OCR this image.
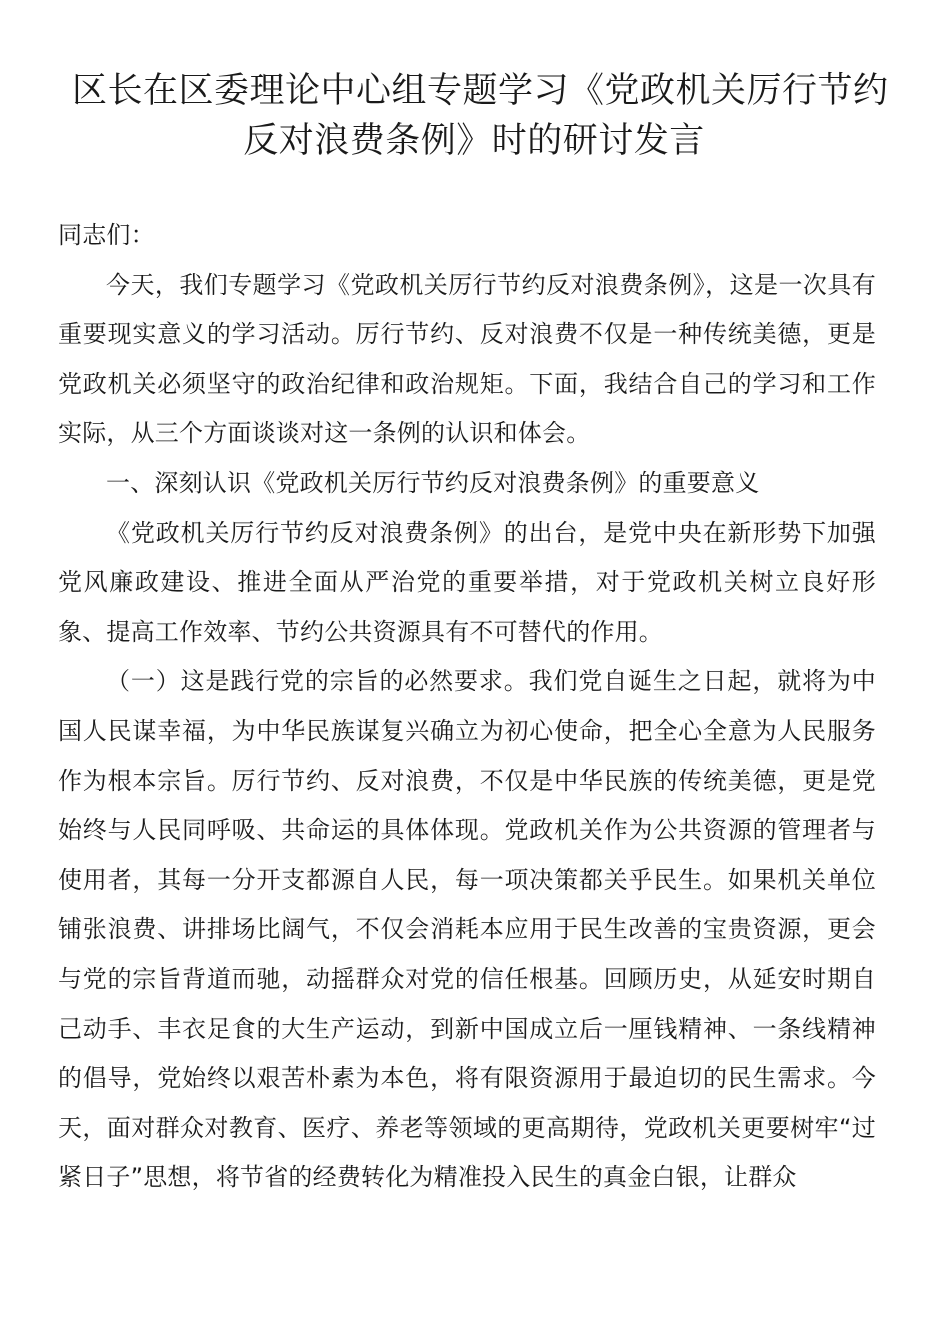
区长在区委理论中心组专题学习《党政机关厉行节约
反对浪费条例》时的研讨发言

同志们：

今天，我们专题学习《党政机关厉行节约反对浪费条例》，这是一次具有重要现实意义的学习活动。厉行节约、反对浪费不仅是一种传统美德，更是党政机关必须坚守的政治纪律和政治规矩。下面，我结合自己的学习和工作实际，从三个方面谈谈对这一条例的认识和体会。

一、深刻认识《党政机关厉行节约反对浪费条例》的重要意义

《党政机关厉行节约反对浪费条例》的出台，是党中央在新形势下加强党风廉政建设、推进全面从严治党的重要举措，对于党政机关树立良好形象、提高工作效率、节约公共资源具有不可替代的作用。

（一）这是践行党的宗旨的必然要求。我们党自诞生之日起，就将为中国人民谋幸福，为中华民族谋复兴确立为初心使命，把全心全意为人民服务作为根本宗旨。厉行节约、反对浪费，不仅是中华民族的传统美德，更是党始终与人民同呼吸、共命运的具体体现。党政机关作为公共资源的管理者与使用者，其每一分开支都源自人民，每一项决策都关乎民生。如果机关单位铺张浪费、讲排场比阔气，不仅会消耗本应用于民生改善的宝贵资源，更会与党的宗旨背道而驰，动摇群众对党的信任根基。回顾历史，从延安时期自己动手、丰衣足食的大生产运动，到新中国成立后一厘钱精神、一条线精神的倡导，党始终以艰苦朴素为本色，将有限资源用于最迫切的民生需求。今天，面对群众对教育、医疗、养老等领域的更高期待，党政机关更要树牢“过紧日子”思想，将节省的经费转化为精准投入民生的真金白银，让群众
